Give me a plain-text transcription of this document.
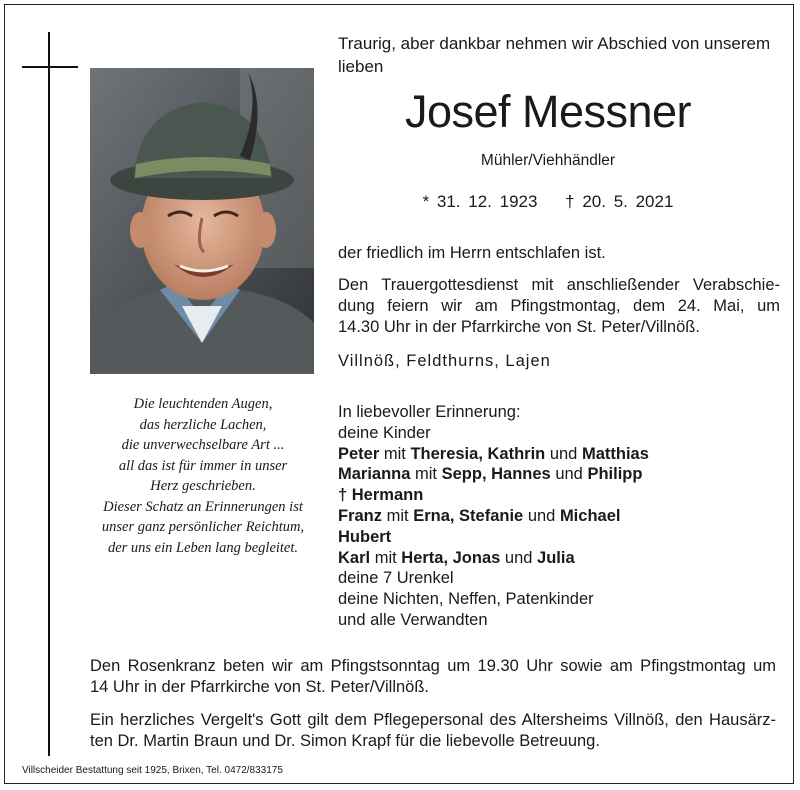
Die leuchtenden Augen,
das herzliche Lachen,
die unverwechselbare Art ...
all das ist für immer in unser
Herz geschrieben.
Dieser Schatz an Erinnerungen ist
unser ganz persönlicher Reichtum,
der uns ein Leben lang begleitet.
Traurig, aber dankbar nehmen wir Abschied von unserem
lieben
Josef Messner
Mühler/Viehhändler
* 31. 12. 1923 † 20. 5. 2021
der friedlich im Herrn entschlafen ist.
Den Trauergottesdienst mit anschließender Verabschie-
dung feiern wir am Pfingstmontag, dem 24. Mai, um
14.30 Uhr in der Pfarrkirche von St. Peter/Villnöß.
Villnöß, Feldthurns, Lajen
In liebevoller Erinnerung:
deine Kinder
Peter mit Theresia, Kathrin und Matthias
Marianna mit Sepp, Hannes und Philipp
† Hermann
Franz mit Erna, Stefanie und Michael
Hubert
Karl mit Herta, Jonas und Julia
deine 7 Urenkel
deine Nichten, Neffen, Patenkinder
und alle Verwandten
Den Rosenkranz beten wir am Pfingstsonntag um 19.30 Uhr sowie am Pfingstmontag um
14 Uhr in der Pfarrkirche von St. Peter/Villnöß.
Ein herzliches Vergelt's Gott gilt dem Pflegepersonal des Altersheims Villnöß, den Hausärz-
ten Dr. Martin Braun und Dr. Simon Krapf für die liebevolle Betreuung.
Villscheider Bestattung seit 1925, Brixen, Tel. 0472/833175
